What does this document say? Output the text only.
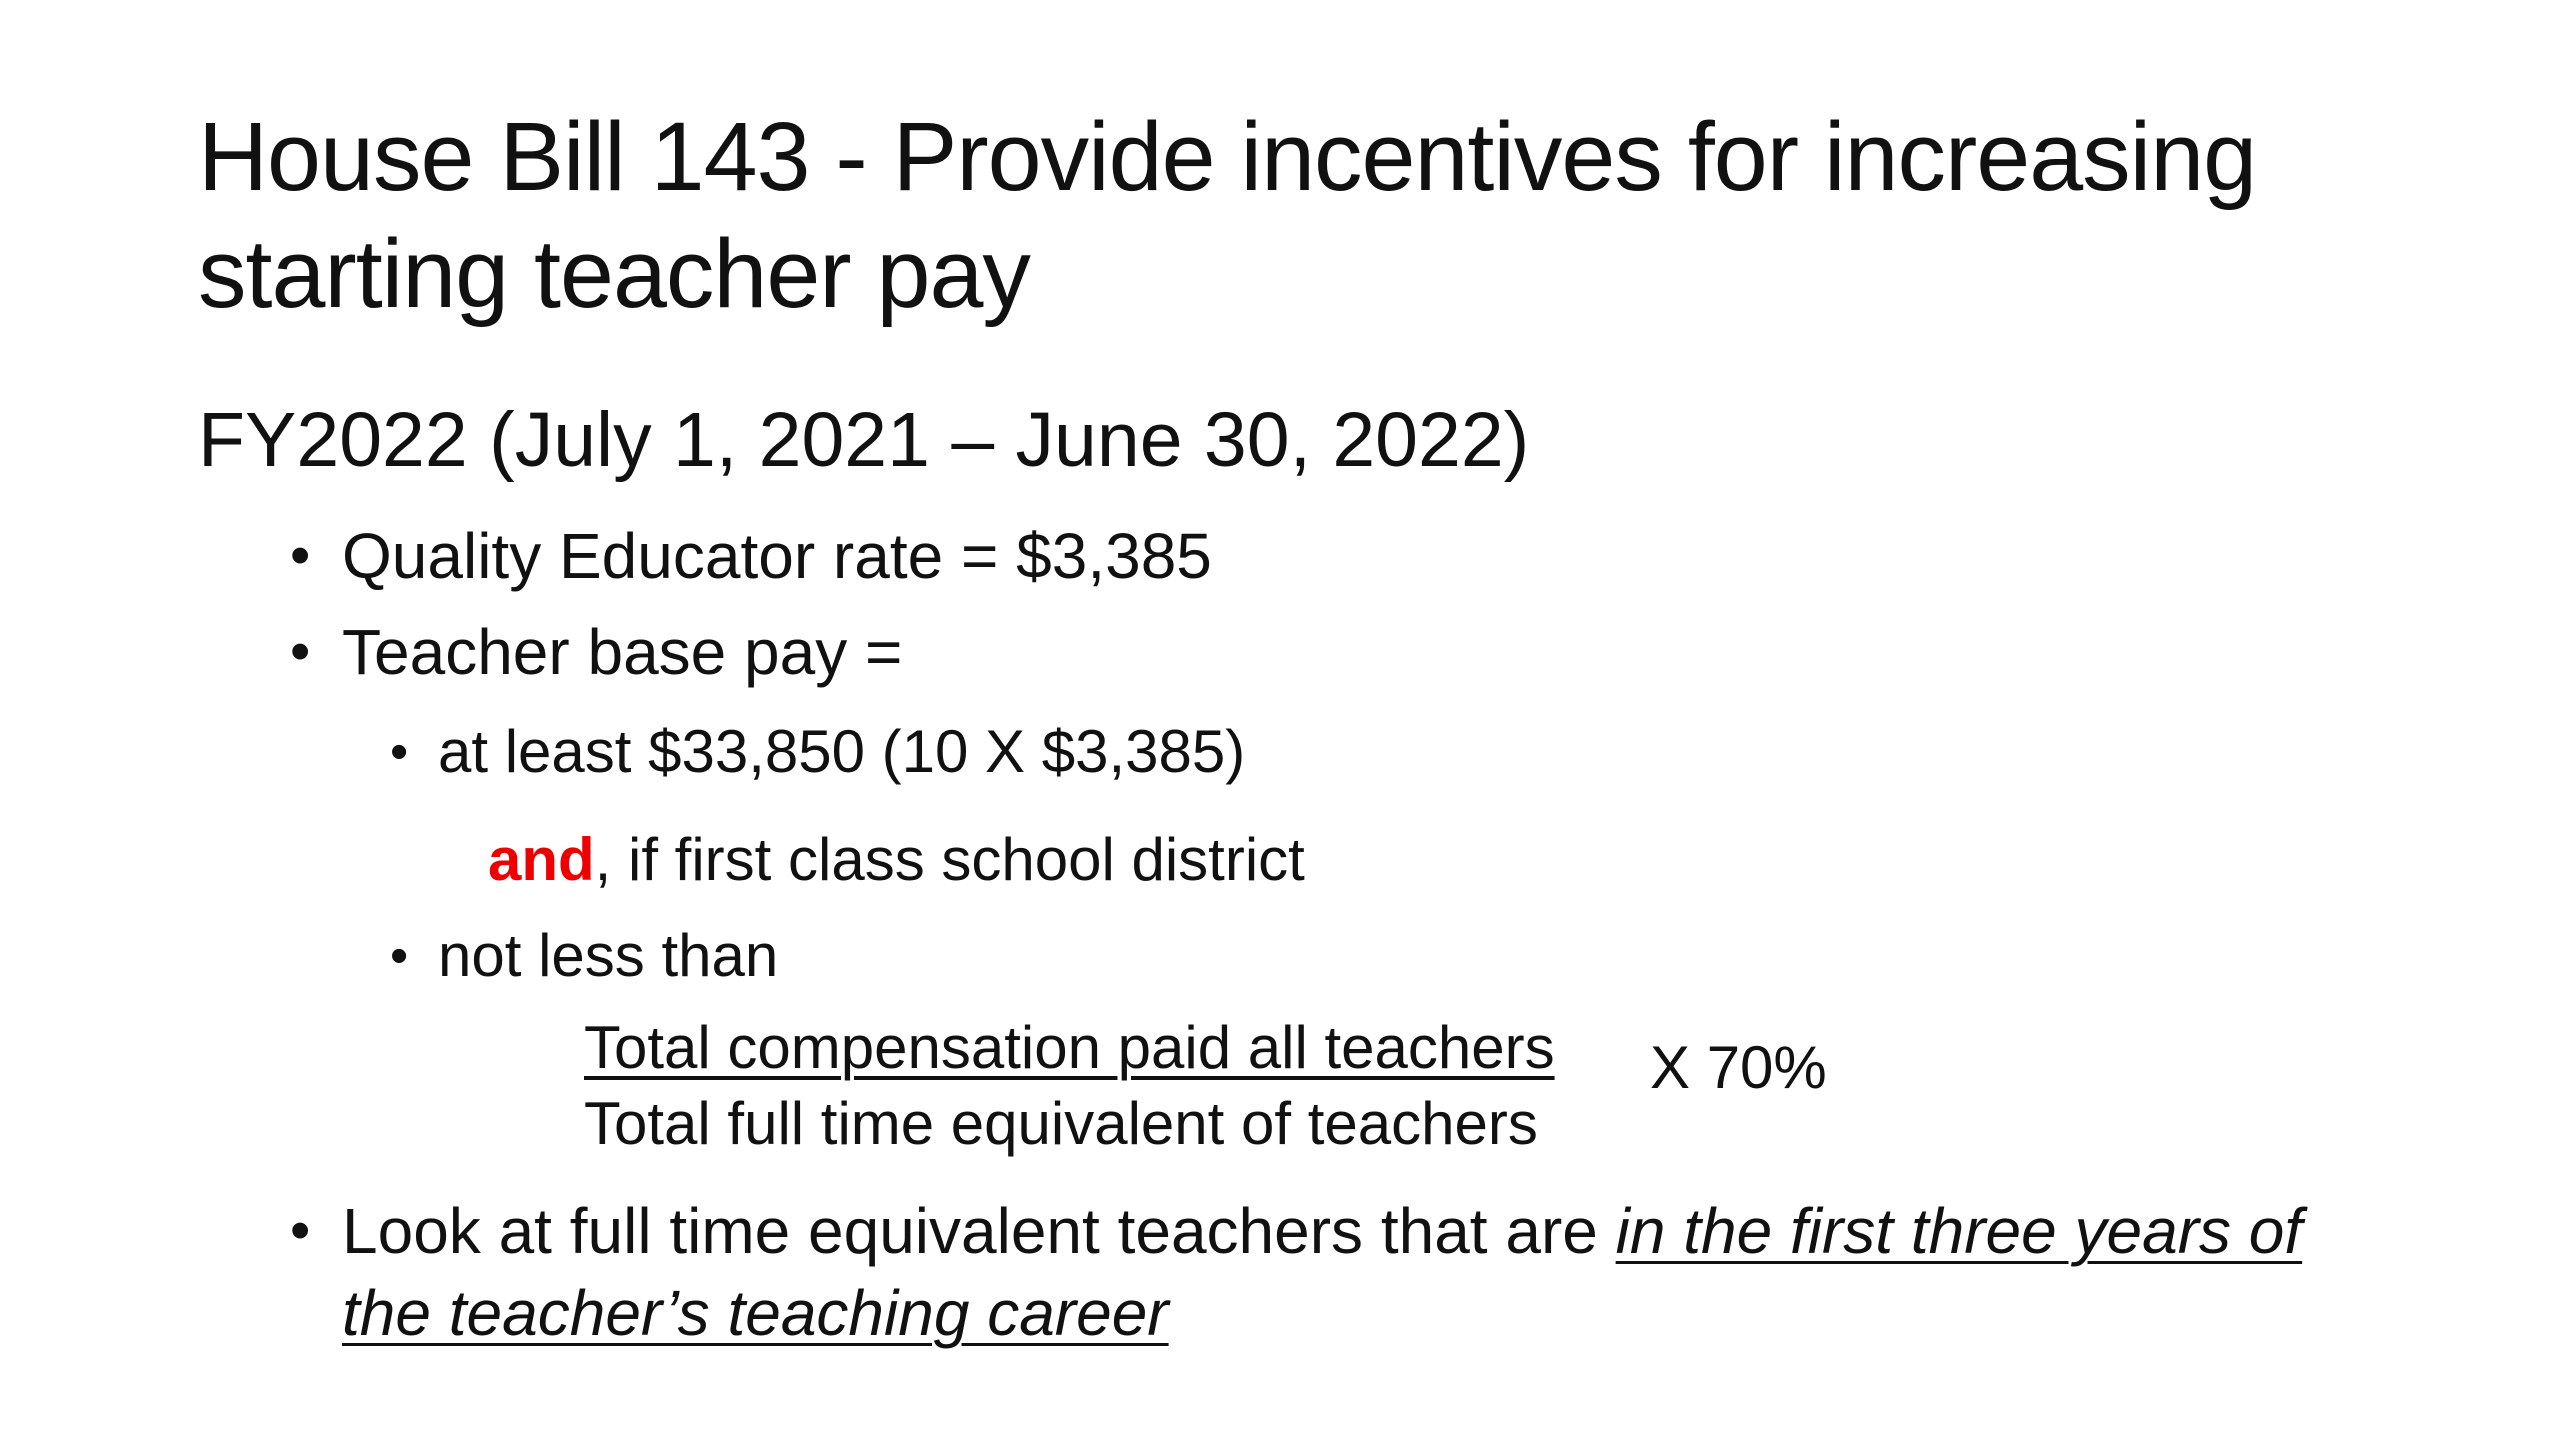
House Bill 143 - Provide incentives for increasing starting teacher pay
FY2022 (July 1, 2021 – June 30, 2022)
• Quality Educator rate = $3,385
• Teacher base pay =
• at least $33,850 (10 X $3,385)
and, if first class school district
• not less than
Total compensation paid all teachers
Total full time equivalent of teachers
X 70%
• Look at full time equivalent teachers that are in the first three years of the teacher’s teaching career
